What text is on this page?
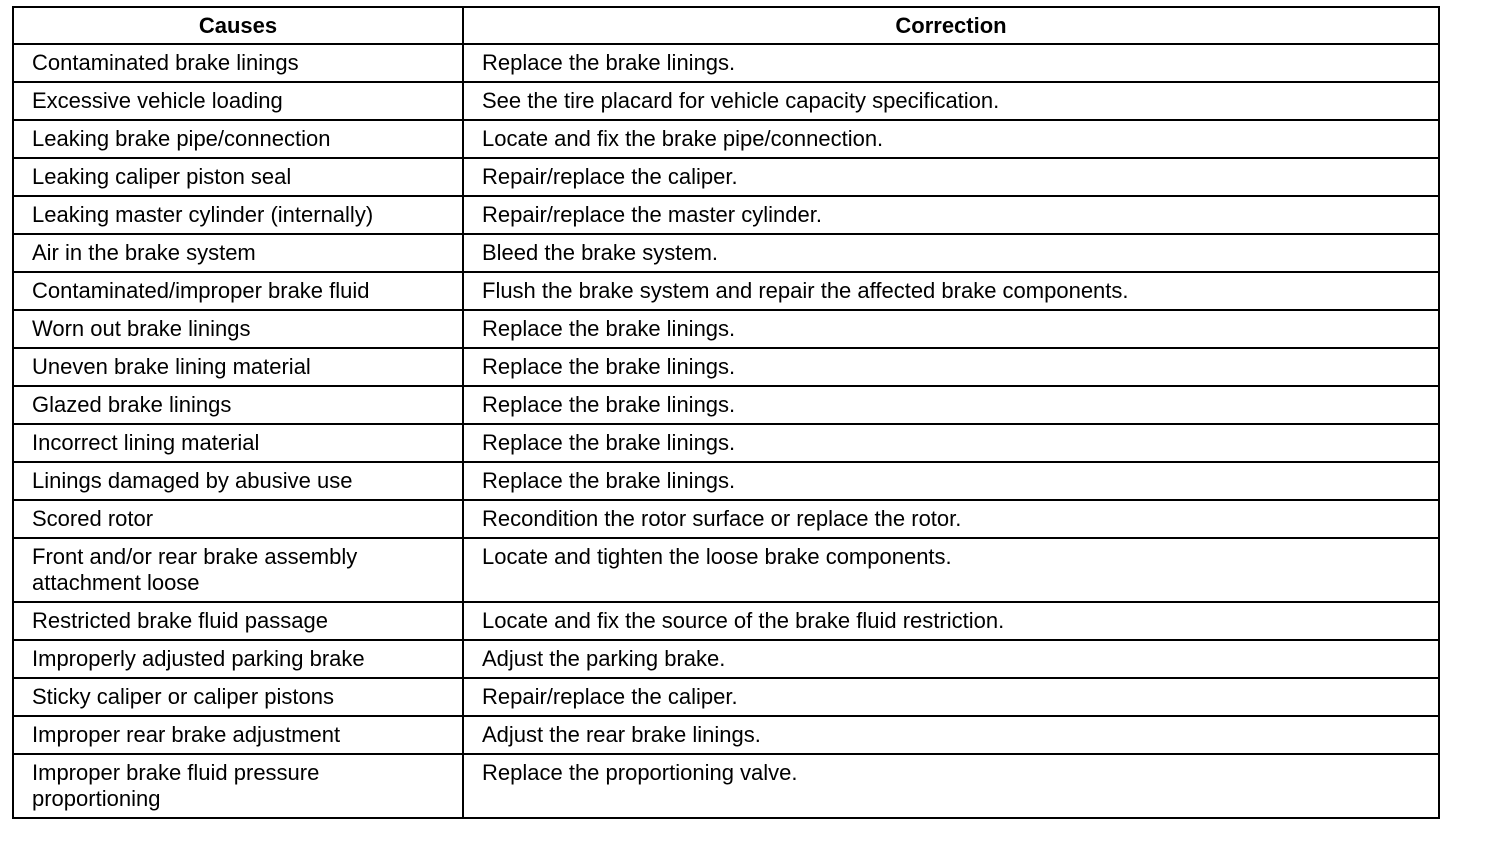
Causes	Correction
Contaminated brake linings	Replace the brake linings.
Excessive vehicle loading	See the tire placard for vehicle capacity specification.
Leaking brake pipe/connection	Locate and fix the brake pipe/connection.
Leaking caliper piston seal	Repair/replace the caliper.
Leaking master cylinder (internally)	Repair/replace the master cylinder.
Air in the brake system	Bleed the brake system.
Contaminated/improper brake fluid	Flush the brake system and repair the affected brake components.
Worn out brake linings	Replace the brake linings.
Uneven brake lining material	Replace the brake linings.
Glazed brake linings	Replace the brake linings.
Incorrect lining material	Replace the brake linings.
Linings damaged by abusive use	Replace the brake linings.
Scored rotor	Recondition the rotor surface or replace the rotor.
Front and/or rear brake assembly attachment loose	Locate and tighten the loose brake components.
Restricted brake fluid passage	Locate and fix the source of the brake fluid restriction.
Improperly adjusted parking brake	Adjust the parking brake.
Sticky caliper or caliper pistons	Repair/replace the caliper.
Improper rear brake adjustment	Adjust the rear brake linings.
Improper brake fluid pressure proportioning	Replace the proportioning valve.
